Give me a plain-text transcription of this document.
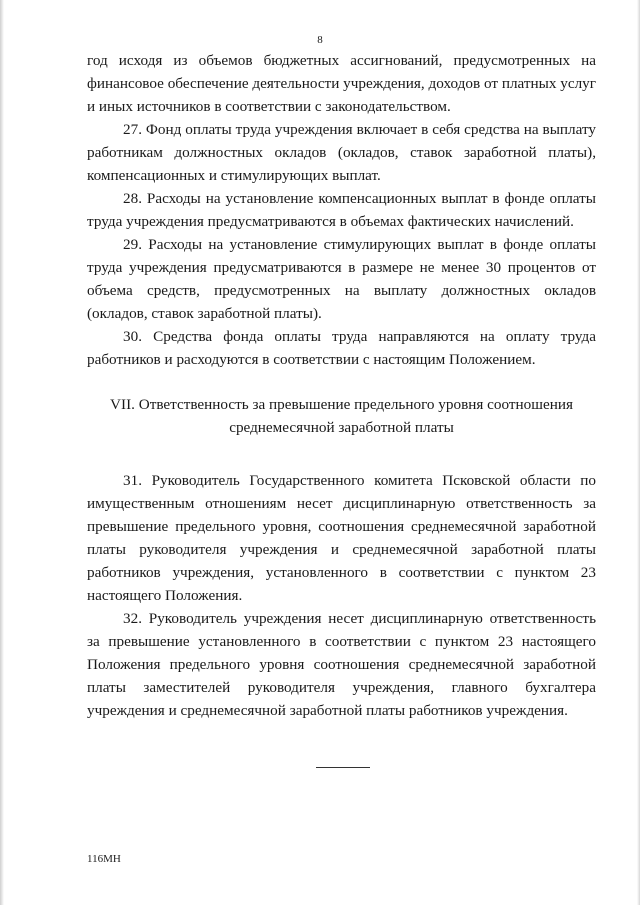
8

год исходя из объемов бюджетных ассигнований, предусмотренных на финансовое обеспечение деятельности учреждения, доходов от платных услуг и иных источников в соответствии с законодательством.

27. Фонд оплаты труда учреждения включает в себя средства на выплату работникам должностных окладов (окладов, ставок заработной платы), компенсационных и стимулирующих выплат.

28. Расходы на установление компенсационных выплат в фонде оплаты труда учреждения предусматриваются в объемах фактических начислений.

29. Расходы на установление стимулирующих выплат в фонде оплаты труда учреждения предусматриваются в размере не менее 30 процентов от объема средств, предусмотренных на выплату должностных окладов (окладов, ставок заработной платы).

30. Средства фонда оплаты труда направляются на оплату труда работников и расходуются в соответствии с настоящим Положением.

VII. Ответственность за превышение предельного уровня соотношения
среднемесячной заработной платы

31. Руководитель Государственного комитета Псковской области по имущественным отношениям несет дисциплинарную ответственность за превышение предельного уровня, соотношения среднемесячной заработной платы руководителя учреждения и среднемесячной заработной платы работников учреждения, установленного в соответствии с пунктом 23 настоящего Положения.

32. Руководитель учреждения несет дисциплинарную ответственность за превышение установленного в соответствии с пунктом 23 настоящего Положения предельного уровня соотношения среднемесячной заработной платы заместителей руководителя учреждения, главного бухгалтера учреждения и среднемесячной заработной платы работников учреждения.

116МН
